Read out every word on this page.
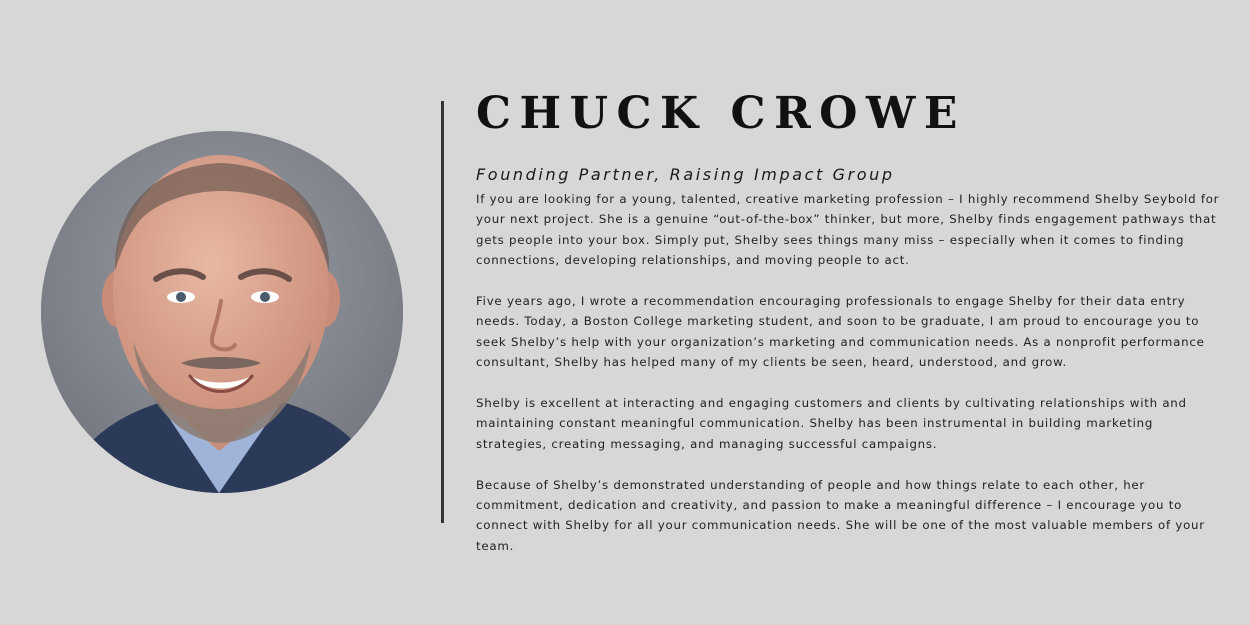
CHUCK CROWE
Founding Partner, Raising Impact Group

If you are looking for a young, talented, creative marketing profession – I highly recommend Shelby Seybold for your next project. She is a genuine “out-of-the-box” thinker, but more, Shelby finds engagement pathways that gets people into your box. Simply put, Shelby sees things many miss – especially when it comes to finding connections, developing relationships, and moving people to act.

Five years ago, I wrote a recommendation encouraging professionals to engage Shelby for their data entry needs. Today, a Boston College marketing student, and soon to be graduate, I am proud to encourage you to seek Shelby’s help with your organization’s marketing and communication needs. As a nonprofit performance consultant, Shelby has helped many of my clients be seen, heard, understood, and grow.

Shelby is excellent at interacting and engaging customers and clients by cultivating relationships with and maintaining constant meaningful communication. Shelby has been instrumental in building marketing strategies, creating messaging, and managing successful campaigns.

Because of Shelby’s demonstrated understanding of people and how things relate to each other, her commitment, dedication and creativity, and passion to make a meaningful difference – I encourage you to connect with Shelby for all your communication needs. She will be one of the most valuable members of your team.
